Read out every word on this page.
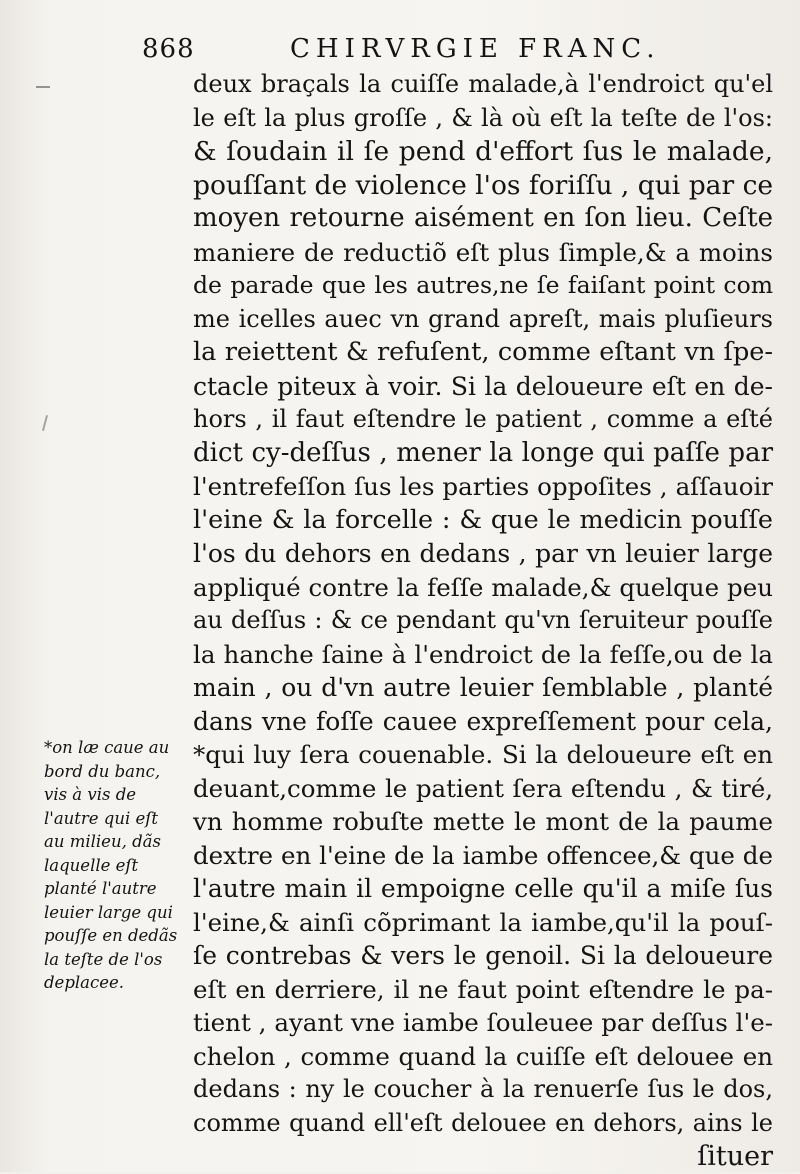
868	CHIRVRGIE FRANC.
deux braçals la cuiſſe malade,à l'endroict qu'el
le eſt la plus groſſe , & là où eſt la teſte de l'os:
& ſoudain il ſe pend d'effort ſus le malade,
pouſſant de violence l'os foriſſu , qui par ce
moyen retourne aisément en ſon lieu. Ceſte
maniere de reductiõ eſt plus ſimple,& a moins
de parade que les autres,ne ſe faiſant point com
me icelles auec vn grand apreſt, mais pluſieurs
la reiettent & refuſent, comme eſtant vn ſpe-
ctacle piteux à voir. Si la deloueure eſt en de-
hors , il faut eſtendre le patient , comme a eſté
dict cy-deſſus , mener la longe qui paſſe par
l'entrefeſſon ſus les parties oppoſites , aſſauoir
l'eine & la forcelle : & que le medicin pouſſe
l'os du dehors en dedans , par vn leuier large
appliqué contre la feſſe malade,& quelque peu
au deſſus : & ce pendant qu'vn ſeruiteur pouſſe
la hanche ſaine à l'endroict de la feſſe,ou de la
main , ou d'vn autre leuier ſemblable , planté
dans vne foſſe cauee expreſſement pour cela,
*qui luy ſera couenable. Si la deloueure eſt en
deuant,comme le patient ſera eſtendu , & tiré,
vn homme robuſte mette le mont de la paume
dextre en l'eine de la iambe offencee,& que de
l'autre main il empoigne celle qu'il a miſe ſus
l'eine,& ainſi cõprimant la iambe,qu'il la pouſ-
ſe contrebas & vers le genoil. Si la deloueure
eſt en derriere, il ne faut point eſtendre le pa-
tient , ayant vne iambe ſouleuee par deſſus l'e-
chelon , comme quand la cuiſſe eſt delouee en
dedans : ny le coucher à la renuerſe ſus le dos,
comme quand ell'eſt delouee en dehors, ains le
ſituer
*on læ caue au
bord du banc,
vis à vis de
l'autre qui eſt
au milieu, dãs
laquelle eſt
planté l'autre
leuier large qui
pouſſe en dedãs
la teſte de l'os
deplacee.
